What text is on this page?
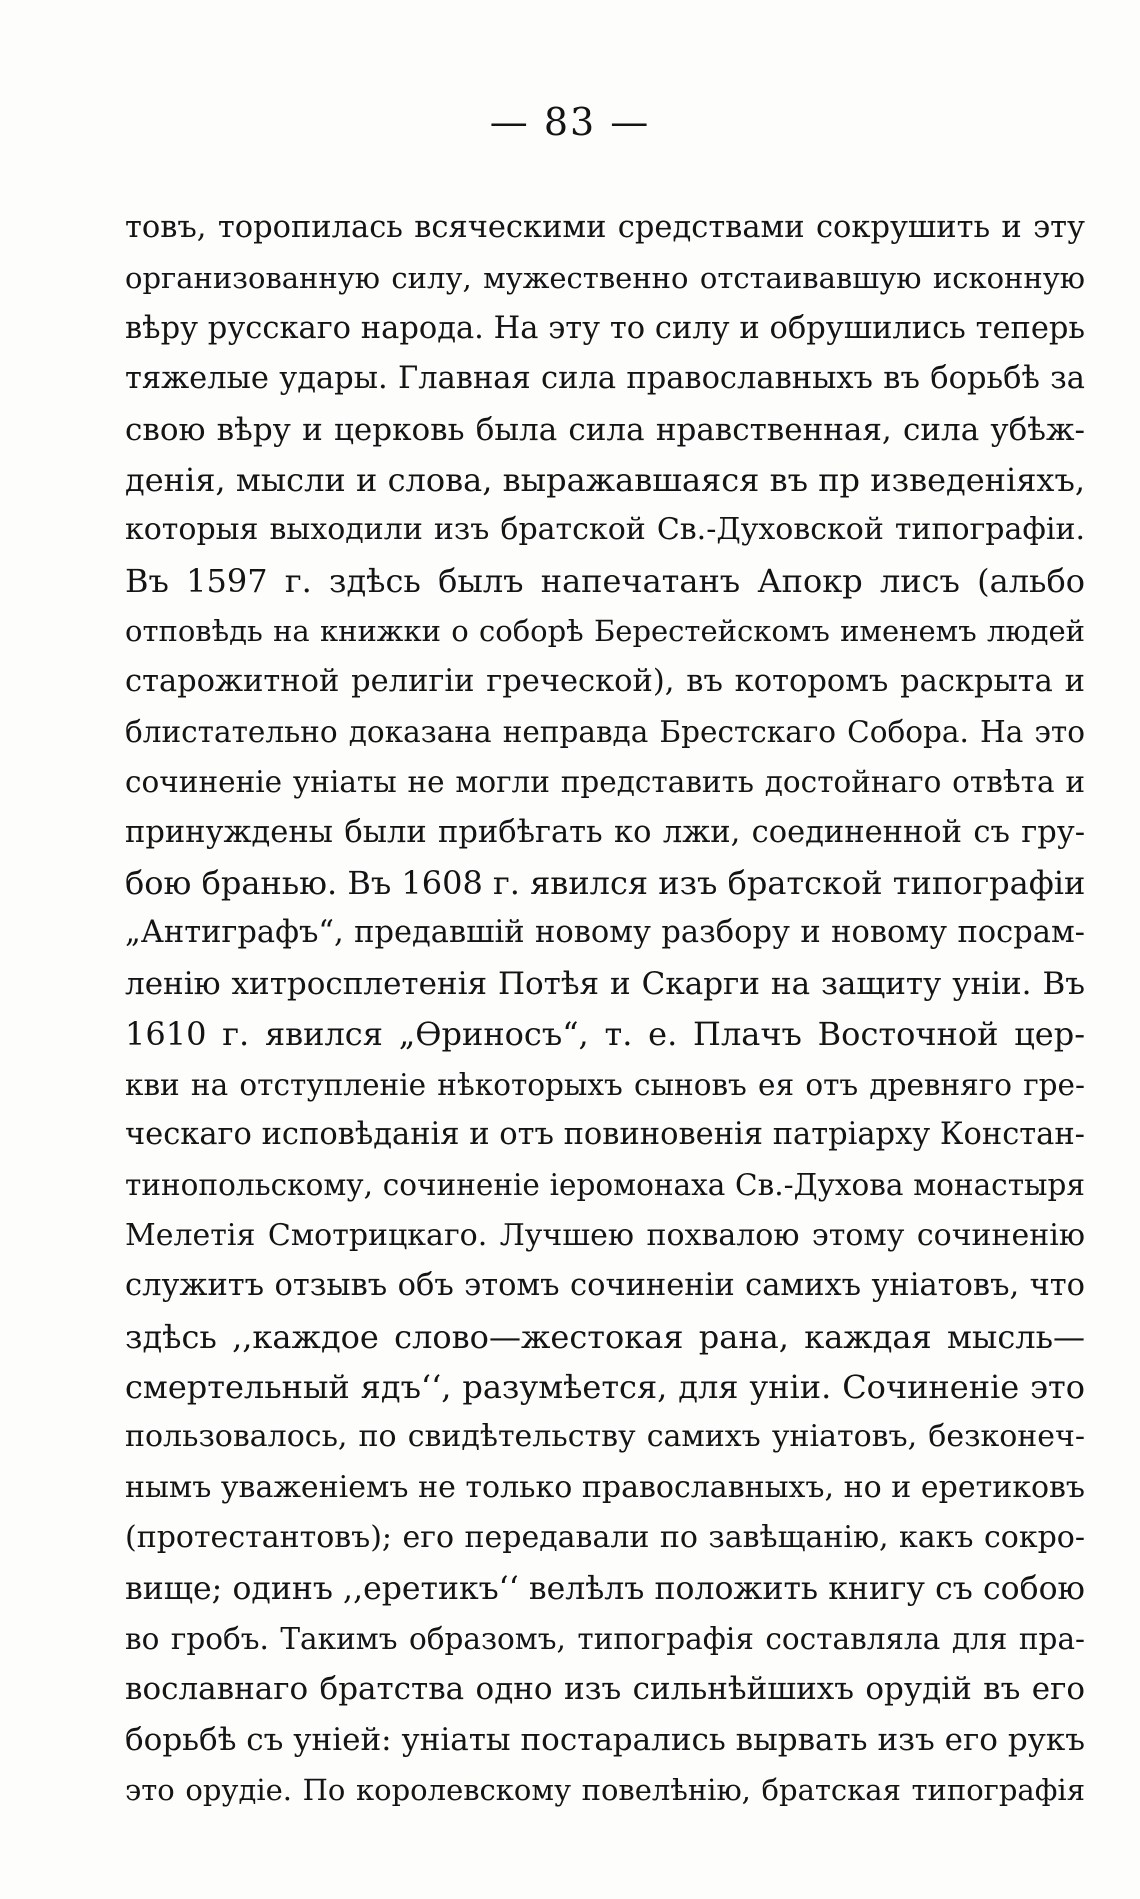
— 83 —
товъ, торопилась всяческими средствами сокрушить и эту
организованную силу, мужественно отстаивавшую исконную
вѣру русскаго народа. На эту то силу и обрушились теперь
тяжелые удары. Главная сила православныхъ въ борьбѣ за
свою вѣру и церковь была сила нравственная, сила убѣж-
денія, мысли и слова, выражавшаяся въ пр изведеніяхъ,
которыя выходили изъ братской Св.-Духовской типографіи.
Въ 1597 г. здѣсь былъ напечатанъ Апокр лисъ (альбо
отповѣдь на книжки о соборѣ Берестейскомъ именемъ людей
старожитной религіи греческой), въ которомъ раскрыта и
блистательно доказана неправда Брестскаго Собора. На это
сочиненіе уніаты не могли представить достойнаго отвѣта и
принуждены были прибѣгать ко лжи, соединенной съ гру-
бою бранью. Въ 1608 г. явился изъ братской типографіи
„Антиграфъ“, предавшій новому разбору и новому посрам-
ленію хитросплетенія Потѣя и Скарги на защиту уніи. Въ
1610 г. явился „Ѳриносъ“, т. е. Плачъ Восточной цер-
кви на отступленіе нѣкоторыхъ сыновъ ея отъ древняго гре-
ческаго исповѣданія и отъ повиновенія патріарху Констан-
тинопольскому, сочиненіе іеромонаха Св.-Духова монастыря
Мелетія Смотрицкаго. Лучшею похвалою этому сочиненію
служитъ отзывъ объ этомъ сочиненіи самихъ уніатовъ, что
здѣсь ,,каждое слово—жестокая рана, каждая мысль—
смертельный ядъ‘‘, разумѣется, для уніи. Сочиненіе это
пользовалось, по свидѣтельству самихъ уніатовъ, безконеч-
нымъ уваженіемъ не только православныхъ, но и еретиковъ
(протестантовъ); его передавали по завѣщанію, какъ сокро-
вище; одинъ ,,еретикъ‘‘ велѣлъ положить книгу съ собою
во гробъ. Такимъ образомъ, типографія составляла для пра-
вославнаго братства одно изъ сильнѣйшихъ орудій въ его
борьбѣ съ уніей: уніаты постарались вырвать изъ его рукъ
это орудіе. По королевскому повелѣнію, братская типографія
